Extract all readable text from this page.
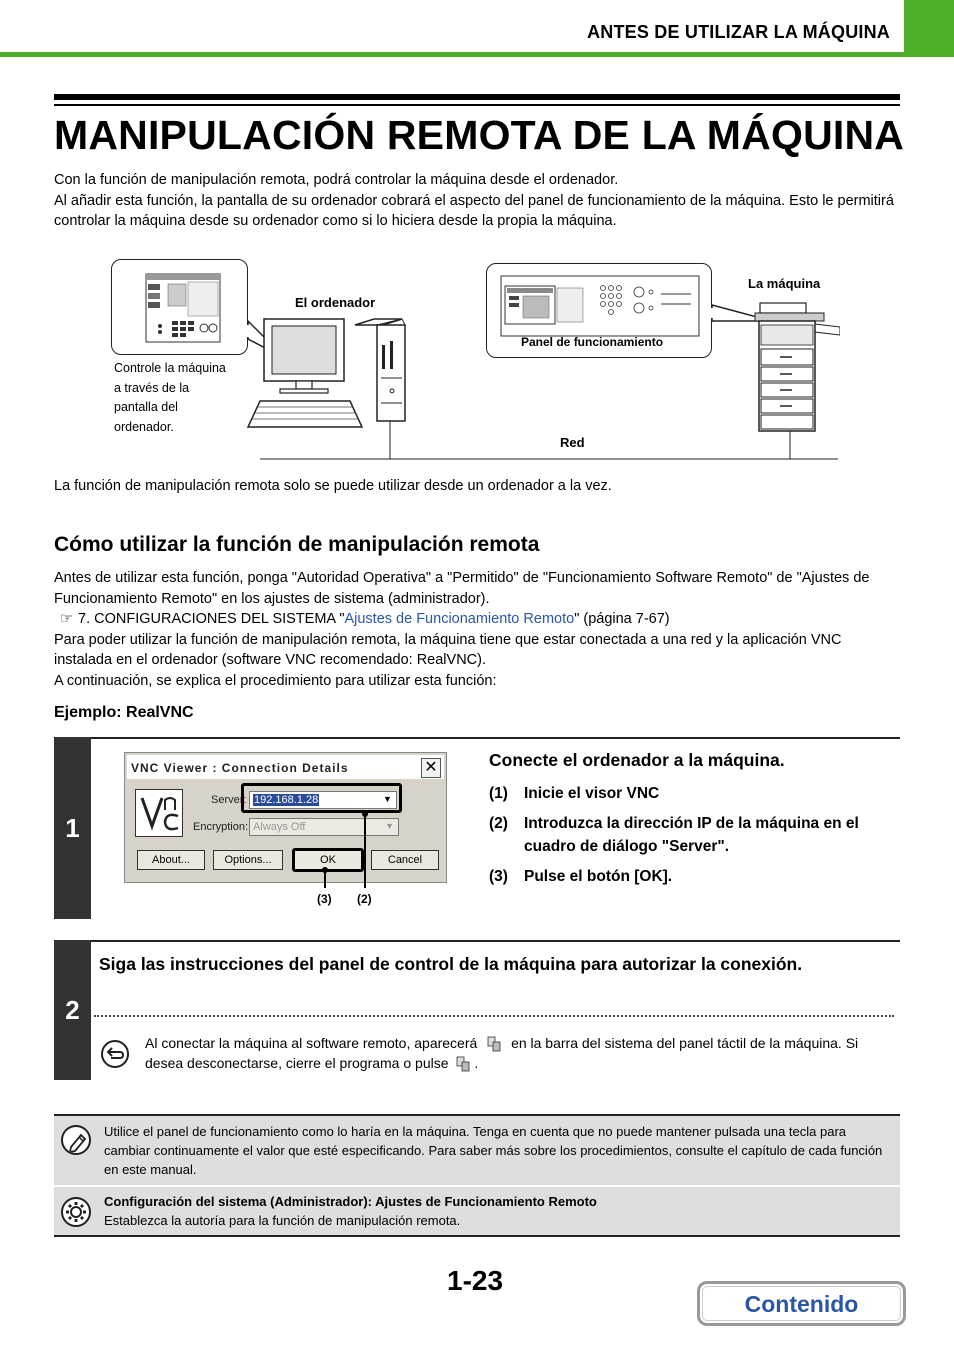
ANTES DE UTILIZAR LA MÁQUINA
MANIPULACIÓN REMOTA DE LA MÁQUINA
Con la función de manipulación remota, podrá controlar la máquina desde el ordenador.
Al añadir esta función, la pantalla de su ordenador cobrará el aspecto del panel de funcionamiento de la máquina. Esto le permitirá controlar la máquina desde su ordenador como si lo hiciera desde la propia la máquina.
Panel de funcionamiento
El ordenador
La máquina
Red
Controle la máquina
a través de la
pantalla del
ordenador.
La función de manipulación remota solo se puede utilizar desde un ordenador a la vez.
Cómo utilizar la función de manipulación remota
Antes de utilizar esta función, ponga "Autoridad Operativa" a "Permitido" de "Funcionamiento Software Remoto" de "Ajustes de Funcionamiento Remoto" en los ajustes de sistema (administrador).
☞ 7. CONFIGURACIONES DEL SISTEMA "Ajustes de Funcionamiento Remoto" (página 7-67)
Para poder utilizar la función de manipulación remota, la máquina tiene que estar conectada a una red y la aplicación VNC instalada en el ordenador (software VNC recomendado: RealVNC).
A continuación, se explica el procedimiento para utilizar esta función:
Ejemplo: RealVNC
1
VNC Viewer : Connection Details	✕
Server: 192.168.1.28	▼
Encryption: Always Off	▼
About...	Options...	OK	Cancel
(3) (2)
Conecte el ordenador a la máquina.
(1) Inicie el visor VNC
(2)	Introduzca la dirección IP de la máquina en el cuadro de diálogo "Server".
(3) Pulse el botón [OK].
2
Siga las instrucciones del panel de control de la máquina para autorizar la conexión.
Al conectar la máquina al software remoto, aparecerá en la barra del sistema del panel táctil de la máquina. Si desea desconectarse, cierre el programa o pulse .
Utilice el panel de funcionamiento como lo haría en la máquina. Tenga en cuenta que no puede mantener pulsada una tecla para cambiar continuamente el valor que esté especificando. Para saber más sobre los procedimientos, consulte el capítulo de cada función en este manual.
Configuración del sistema (Administrador): Ajustes de Funcionamiento Remoto
Establezca la autoría para la función de manipulación remota.
1-23
Contenido
